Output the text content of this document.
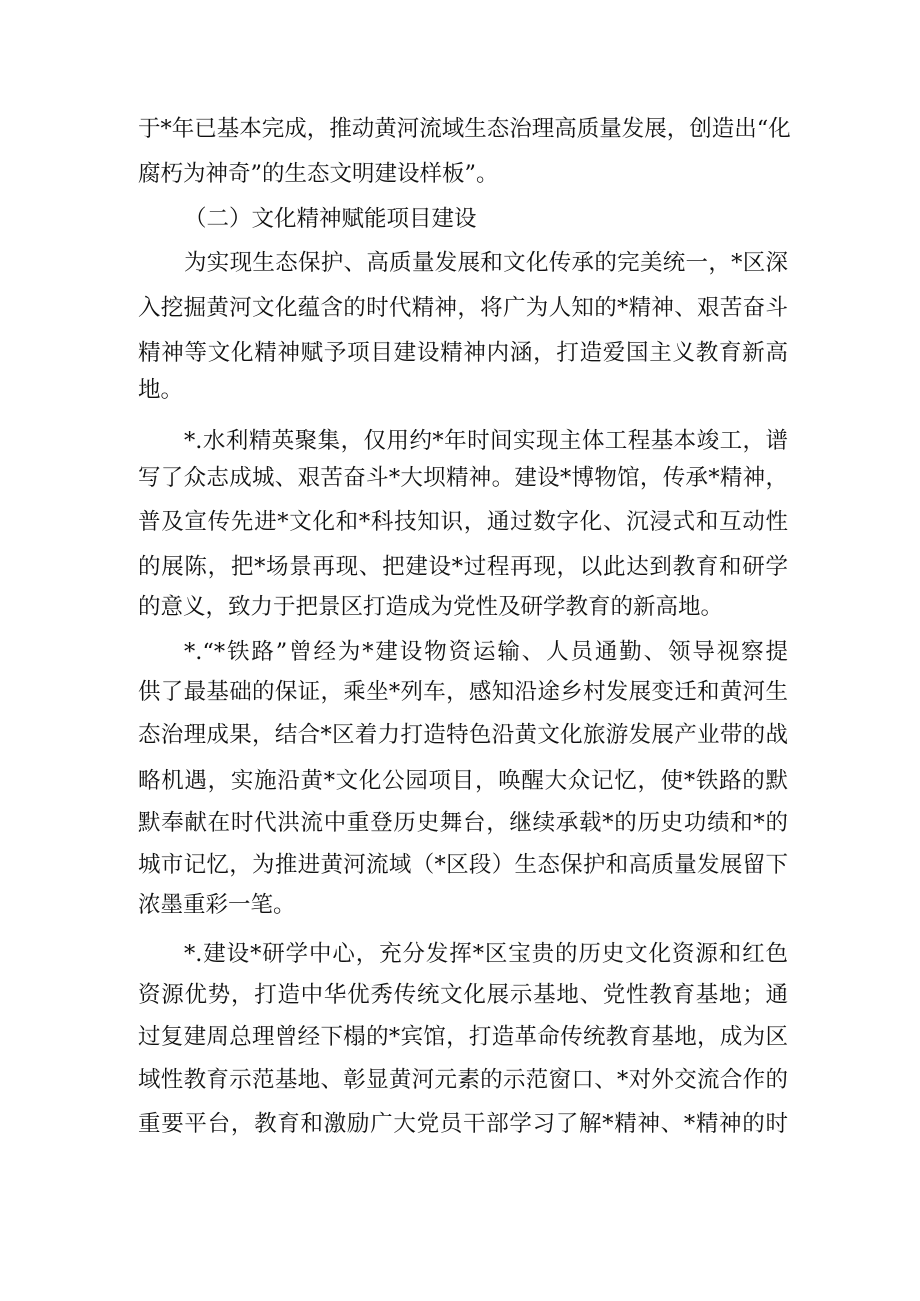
于*年已基本完成，推动黄河流域生态治理高质量发展，创造出“化
腐朽为神奇”的生态文明建设样板”。
（二）文化精神赋能项目建设
为实现生态保护、高质量发展和文化传承的完美统一，*区深
入挖掘黄河文化蕴含的时代精神，将广为人知的*精神、艰苦奋斗
精神等文化精神赋予项目建设精神内涵，打造爱国主义教育新高
地。
*.水利精英聚集，仅用约*年时间实现主体工程基本竣工，谱
写了众志成城、艰苦奋斗*大坝精神。建设*博物馆，传承*精神，
普及宣传先进*文化和*科技知识，通过数字化、沉浸式和互动性
的展陈，把*场景再现、把建设*过程再现，以此达到教育和研学
的意义，致力于把景区打造成为党性及研学教育的新高地。
*.“*铁路”曾经为*建设物资运输、人员通勤、领导视察提
供了最基础的保证，乘坐*列车，感知沿途乡村发展变迁和黄河生
态治理成果，结合*区着力打造特色沿黄文化旅游发展产业带的战
略机遇，实施沿黄*文化公园项目，唤醒大众记忆，使*铁路的默
默奉献在时代洪流中重登历史舞台，继续承载*的历史功绩和*的
城市记忆，为推进黄河流域（*区段）生态保护和高质量发展留下
浓墨重彩一笔。
*.建设*研学中心，充分发挥*区宝贵的历史文化资源和红色
资源优势，打造中华优秀传统文化展示基地、党性教育基地；通
过复建周总理曾经下榻的*宾馆，打造革命传统教育基地，成为区
域性教育示范基地、彰显黄河元素的示范窗口、*对外交流合作的
重要平台，教育和激励广大党员干部学习了解*精神、*精神的时
